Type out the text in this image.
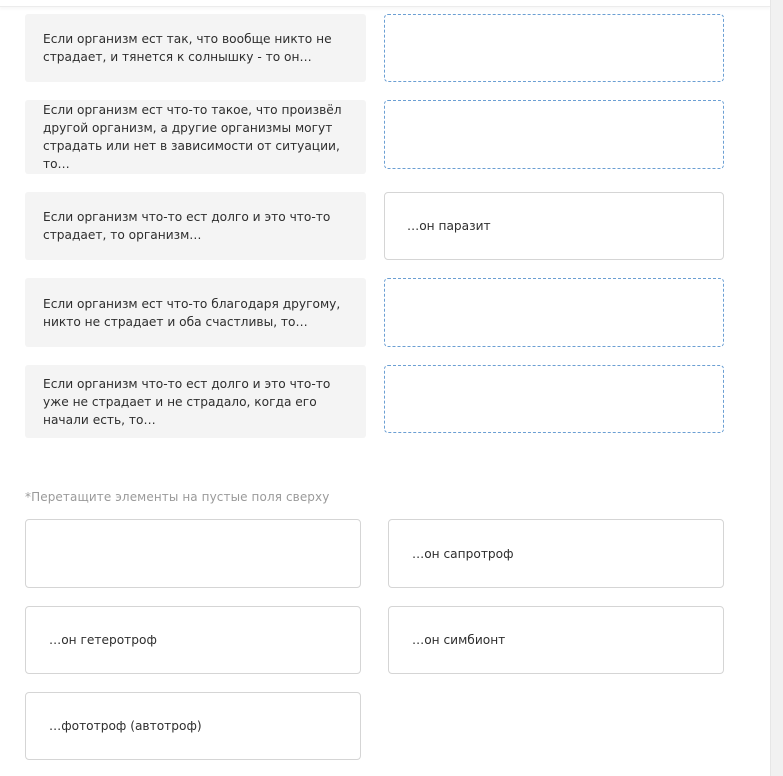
Если организм ест так, что вообще никто не страдает, и тянется к солнышку - то он…
Если организм ест что-то такое, что произвёл другой организм, а другие организмы могут страдать или нет в зависимости от ситуации, то…
Если организм что-то ест долго и это что-то страдает, то организм…
…он паразит
Если организм ест что-то благодаря другому, никто не страдает и оба счастливы, то…
Если организм что-то ест долго и это что-то уже не страдает и не страдало, когда его начали есть, то…
*Перетащите элементы на пустые поля сверху
…он сапротроф
…он гетеротроф	…он симбионт
…фототроф (автотроф)
